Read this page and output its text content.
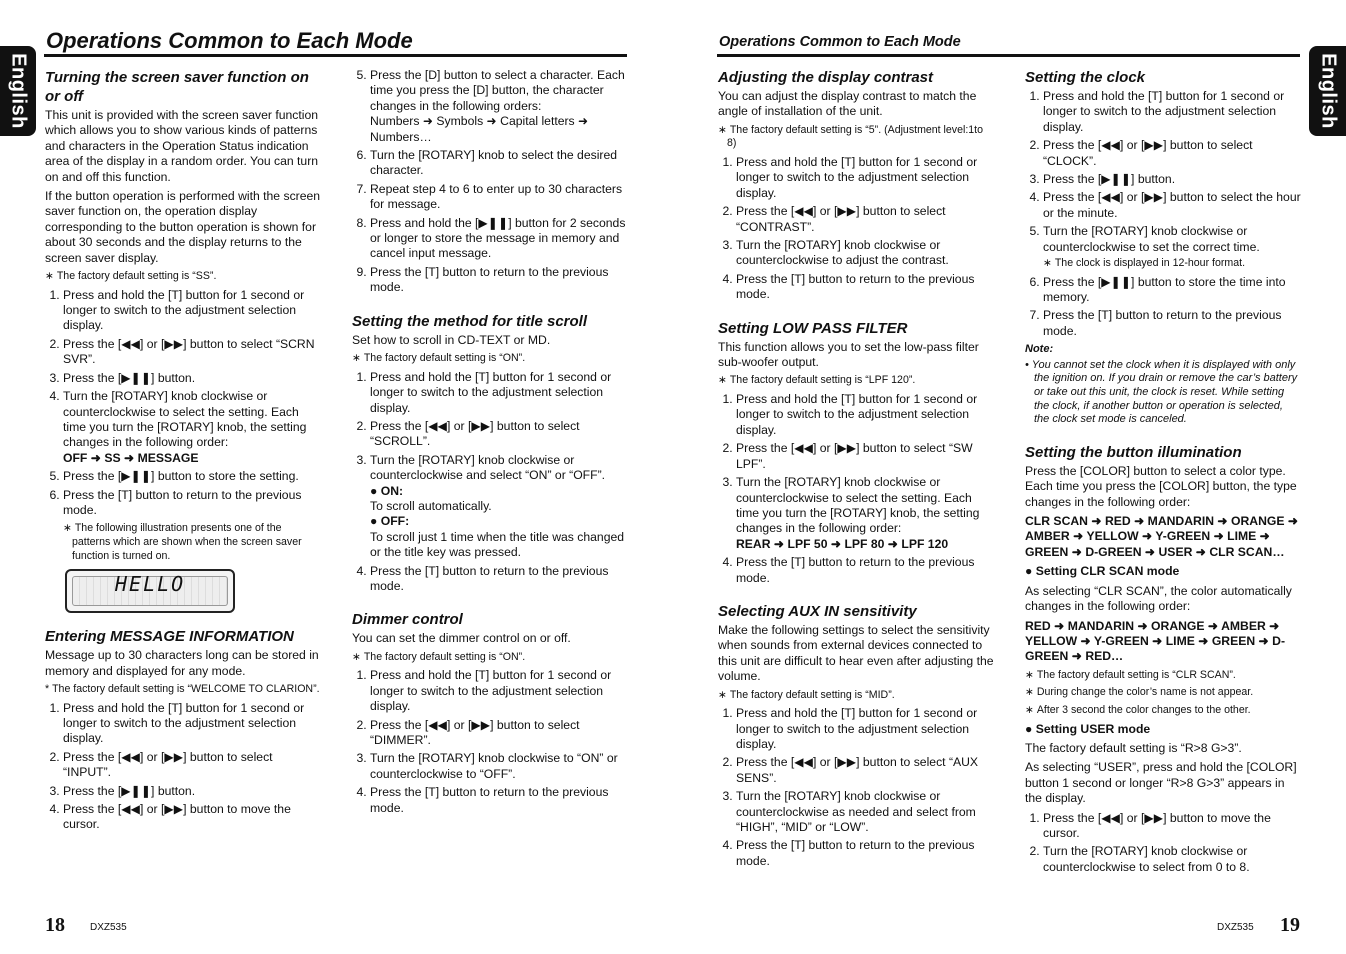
English	English
Operations Common to Each Mode	Operations Common to Each Mode
Turning the screen saver function on or off

This unit is provided with the screen saver function which allows you to show various kinds of patterns and characters in the Operation Status indication area of the display in a random order. You can turn on and off this function.

If the button operation is performed with the screen saver function on, the operation display corresponding to the button operation is shown for about 30 seconds and the display returns to the screen saver display.

∗ The factory default setting is “SS”.
1. Press and hold the [T] button for 1 second or longer to switch to the adjustment selection display.
2. Press the [◀◀] or [▶▶] button to select “SCRN SVR”.
3. Press the [▶❚❚] button.
4. Turn the [ROTARY] knob clockwise or counterclockwise to select the setting. Each time you turn the [ROTARY] knob, the setting changes in the following order:
OFF ➜ SS ➜ MESSAGE
5. Press the [▶❚❚] button to store the setting.
6. Press the [T] button to return to the previous mode.
∗ The following illustration presents one of the patterns which are shown when the screen saver function is turned on.
HELLO
Entering MESSAGE INFORMATION

Message up to 30 characters long can be stored in memory and displayed for any mode.

* The factory default setting is “WELCOME TO CLARION”.
1. Press and hold the [T] button for 1 second or longer to switch to the adjustment selection display.
2. Press the [◀◀] or [▶▶] button to select “INPUT”.
3. Press the [▶❚❚] button.
4. Press the [◀◀] or [▶▶] button to move the cursor.
5. Press the [D] button to select a character. Each time you press the [D] button, the character changes in the following orders:
Numbers ➜ Symbols ➜ Capital letters ➜ Numbers…
6. Turn the [ROTARY] knob to select the desired character.
7. Repeat step 4 to 6 to enter up to 30 characters for message.
8. Press and hold the [▶❚❚] button for 2 seconds or longer to store the message in memory and cancel input message.
9. Press the [T] button to return to the previous mode.
Setting the method for title scroll

Set how to scroll in CD-TEXT or MD.

∗ The factory default setting is “ON”.
1. Press and hold the [T] button for 1 second or longer to switch to the adjustment selection display.
2. Press the [◀◀] or [▶▶] button to select “SCROLL”.
3. Turn the [ROTARY] knob clockwise or counterclockwise and select “ON” or “OFF”.
● ON:
To scroll automatically.
● OFF:
To scroll just 1 time when the title was changed or the title key was pressed.
4. Press the [T] button to return to the previous mode.
Dimmer control

You can set the dimmer control on or off.

∗ The factory default setting is “ON”.
1. Press and hold the [T] button for 1 second or longer to switch to the adjustment selection display.
2. Press the [◀◀] or [▶▶] button to select “DIMMER”.
3. Turn the [ROTARY] knob clockwise to “ON” or counterclockwise to “OFF”.
4. Press the [T] button to return to the previous mode.
Adjusting the display contrast

You can adjust the display contrast to match the angle of installation of the unit.

∗ The factory default setting is “5”. (Adjustment level:1to 8)
1. Press and hold the [T] button for 1 second or longer to switch to the adjustment selection display.
2. Press the [◀◀] or [▶▶] button to select “CONTRAST”.
3. Turn the [ROTARY] knob clockwise or counterclockwise to adjust the contrast.
4. Press the [T] button to return to the previous mode.
Setting LOW PASS FILTER

This function allows you to set the low-pass filter sub-woofer output.

∗ The factory default setting is “LPF 120”.
1. Press and hold the [T] button for 1 second or longer to switch to the adjustment selection display.
2. Press the [◀◀] or [▶▶] button to select “SW LPF”.
3. Turn the [ROTARY] knob clockwise or counterclockwise to select the setting. Each time you turn the [ROTARY] knob, the setting changes in the following order:
REAR ➜ LPF 50 ➜ LPF 80 ➜ LPF 120
4. Press the [T] button to return to the previous mode.
Selecting AUX IN sensitivity

Make the following settings to select the sensitivity when sounds from external devices connected to this unit are difficult to hear even after adjusting the volume.

∗ The factory default setting is “MID”.
1. Press and hold the [T] button for 1 second or longer to switch to the adjustment selection display.
2. Press the [◀◀] or [▶▶] button to select “AUX SENS”.
3. Turn the [ROTARY] knob clockwise or counterclockwise as needed and select from “HIGH”, “MID” or “LOW”.
4. Press the [T] button to return to the previous mode.
Setting the clock
1. Press and hold the [T] button for 1 second or longer to switch to the adjustment selection display.
2. Press the [◀◀] or [▶▶] button to select “CLOCK”.
3. Press the [▶❚❚] button.
4. Press the [◀◀] or [▶▶] button to select the hour or the minute.
5. Turn the [ROTARY] knob clockwise or counterclockwise to set the correct time.
∗ The clock is displayed in 12-hour format.
6. Press the [▶❚❚] button to store the time into memory.
7. Press the [T] button to return to the previous mode.
Note:
• You cannot set the clock when it is displayed with only the ignition on. If you drain or remove the car’s battery or take out this unit, the clock is reset. While setting the clock, if another button or operation is selected, the clock set mode is canceled.
Setting the button illumination

Press the [COLOR] button to select a color type. Each time you press the [COLOR] button, the type changes in the following order:

CLR SCAN ➜ RED ➜ MANDARIN ➜ ORANGE ➜ AMBER ➜ YELLOW ➜ Y-GREEN ➜ LIME ➜ GREEN ➜ D-GREEN ➜ USER ➜ CLR SCAN…

● Setting CLR SCAN mode

As selecting “CLR SCAN”, the color automatically changes in the following order:

RED ➜ MANDARIN ➜ ORANGE ➜ AMBER ➜ YELLOW ➜ Y-GREEN ➜ LIME ➜ GREEN ➜ D-GREEN ➜ RED…

∗ The factory default setting is “CLR SCAN”.
∗ During change the color’s name is not appear.
∗ After 3 second the color changes to the other.

● Setting USER mode

The factory default setting is “R>8 G>3”.

As selecting “USER”, press and hold the [COLOR] button 1 second or longer “R>8 G>3” appears in the display.

1. Press the [◀◀] or [▶▶] button to move the cursor.
2. Turn the [ROTARY] knob clockwise or counterclockwise to select from 0 to 8.
18	DXZ535	DXZ535 19
